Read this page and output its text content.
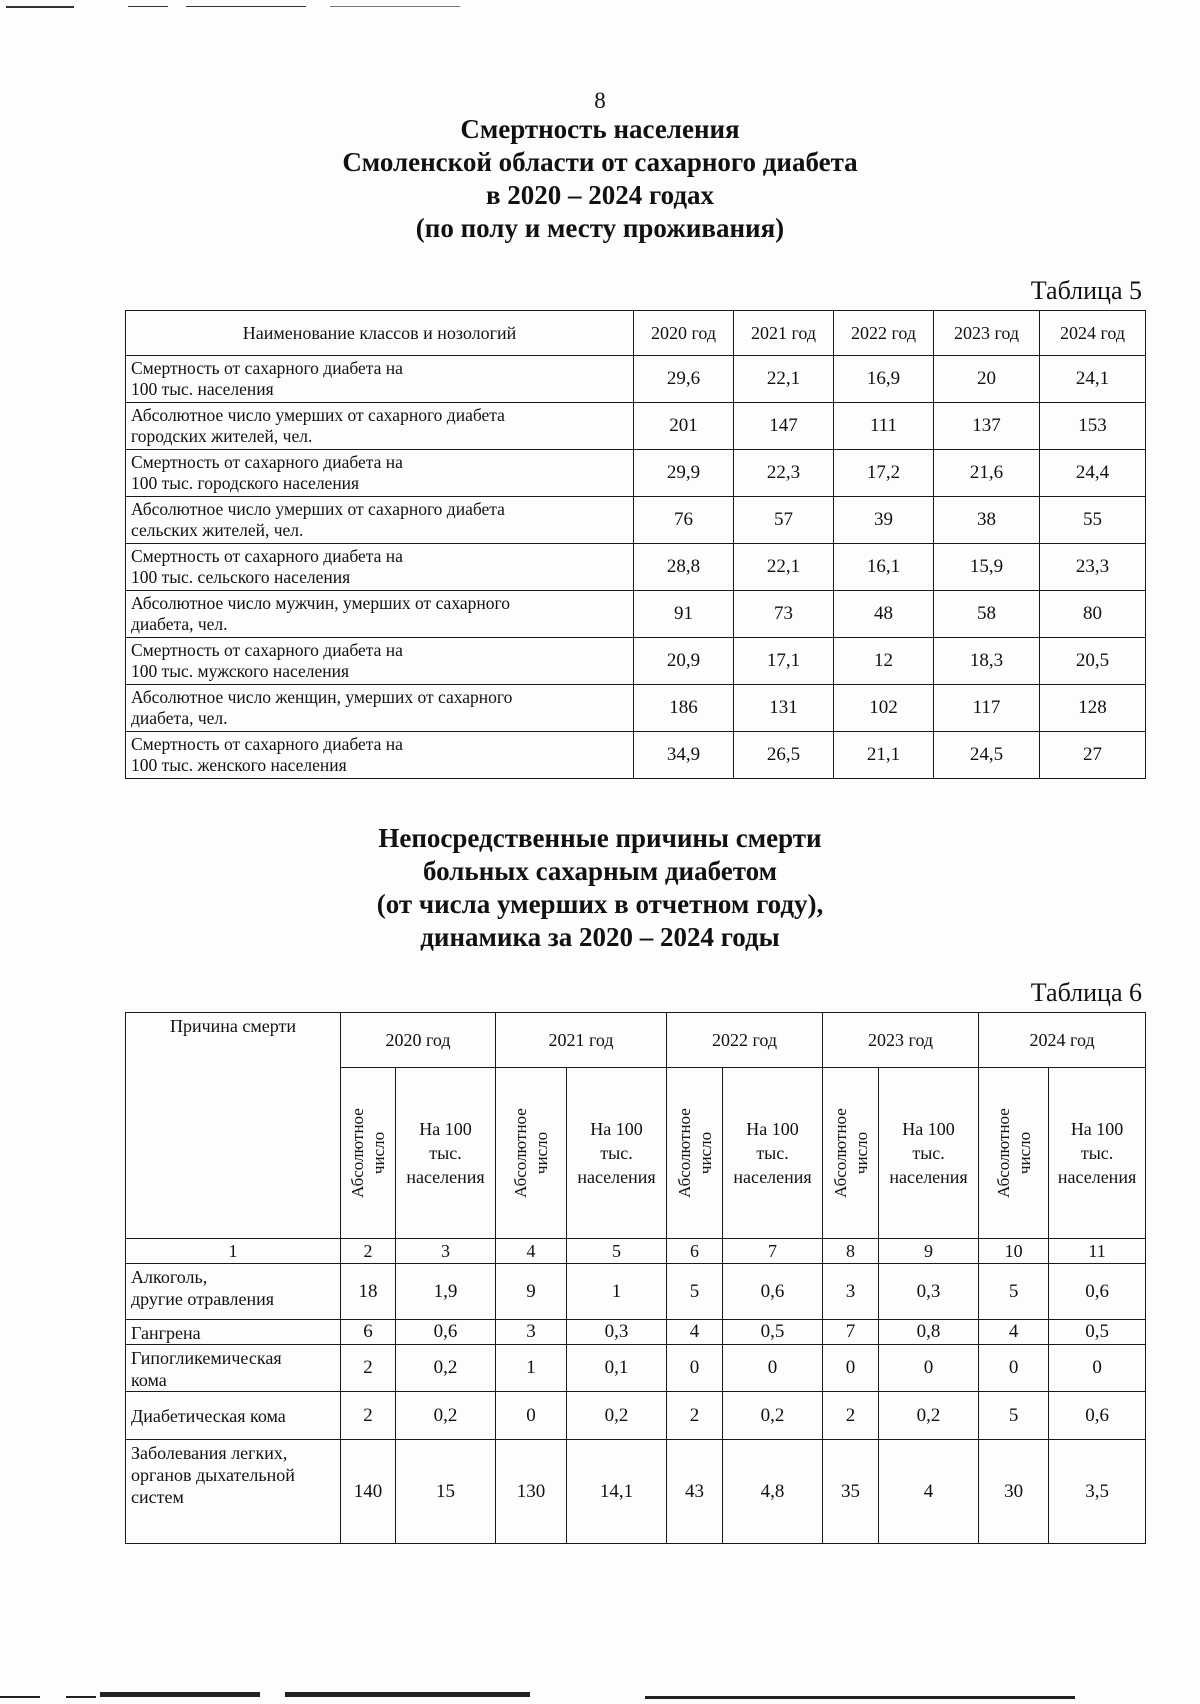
8
Смертность населения
Смоленской области от сахарного диабета
в 2020 – 2024 годах
(по полу и месту проживания)
Таблица 5
Наименование классов и нозологий	2020 год	2021 год	2022 год	2023 год	2024 год

Смертность от сахарного диабета на
100 тыс. населения	29,6	22,1	16,9	20	24,1

Абсолютное число умерших от сахарного диабета
городских жителей, чел.	201	147	111	137	153

Смертность от сахарного диабета на
100 тыс. городского населения	29,9	22,3	17,2	21,6	24,4

Абсолютное число умерших от сахарного диабета
сельских жителей, чел.	76	57	39	38	55

Смертность от сахарного диабета на
100 тыс. сельского населения	28,8	22,1	16,1	15,9	23,3

Абсолютное число мужчин, умерших от сахарного
диабета, чел.	91	73	48	58	80

Смертность от сахарного диабета на
100 тыс. мужского населения	20,9	17,1	12	18,3	20,5

Абсолютное число женщин, умерших от сахарного
диабета, чел.	186	131	102	117	128

Смертность от сахарного диабета на
100 тыс. женского населения	34,9	26,5	21,1	24,5	27
Непосредственные причины смерти
больных сахарным диабетом
(от числа умерших в отчетном году),
динамика за 2020 – 2024 годы
Таблица 6
Причина смерти	2020 год		2021 год		2022 год		2023 год		2024 год	

	Абсолютное
число	На 100
тыс.
населения	Абсолютное
число	На 100
тыс.
населения	Абсолютное
число	На 100
тыс.
населения	Абсолютное
число	На 100
тыс.
населения	Абсолютное
число	На 100
тыс.
населения
1	2	3	4	5	6	7	8	9	10	11

Алкоголь,
другие отравления	18	1,9	9	1	5	0,6	3	0,3	5	0,6

Гангрена	6	0,6	3	0,3	4	0,5	7	0,8	4	0,5

Гипогликемическая
кома	2	0,2	1	0,1	0	0	0	0	0	0

Диабетическая кома	2	0,2	0	0,2	2	0,2	2	0,2	5	0,6

Заболевания легких,
органов дыхательной
систем	140	15	130	14,1	43	4,8	35	4	30	3,5
